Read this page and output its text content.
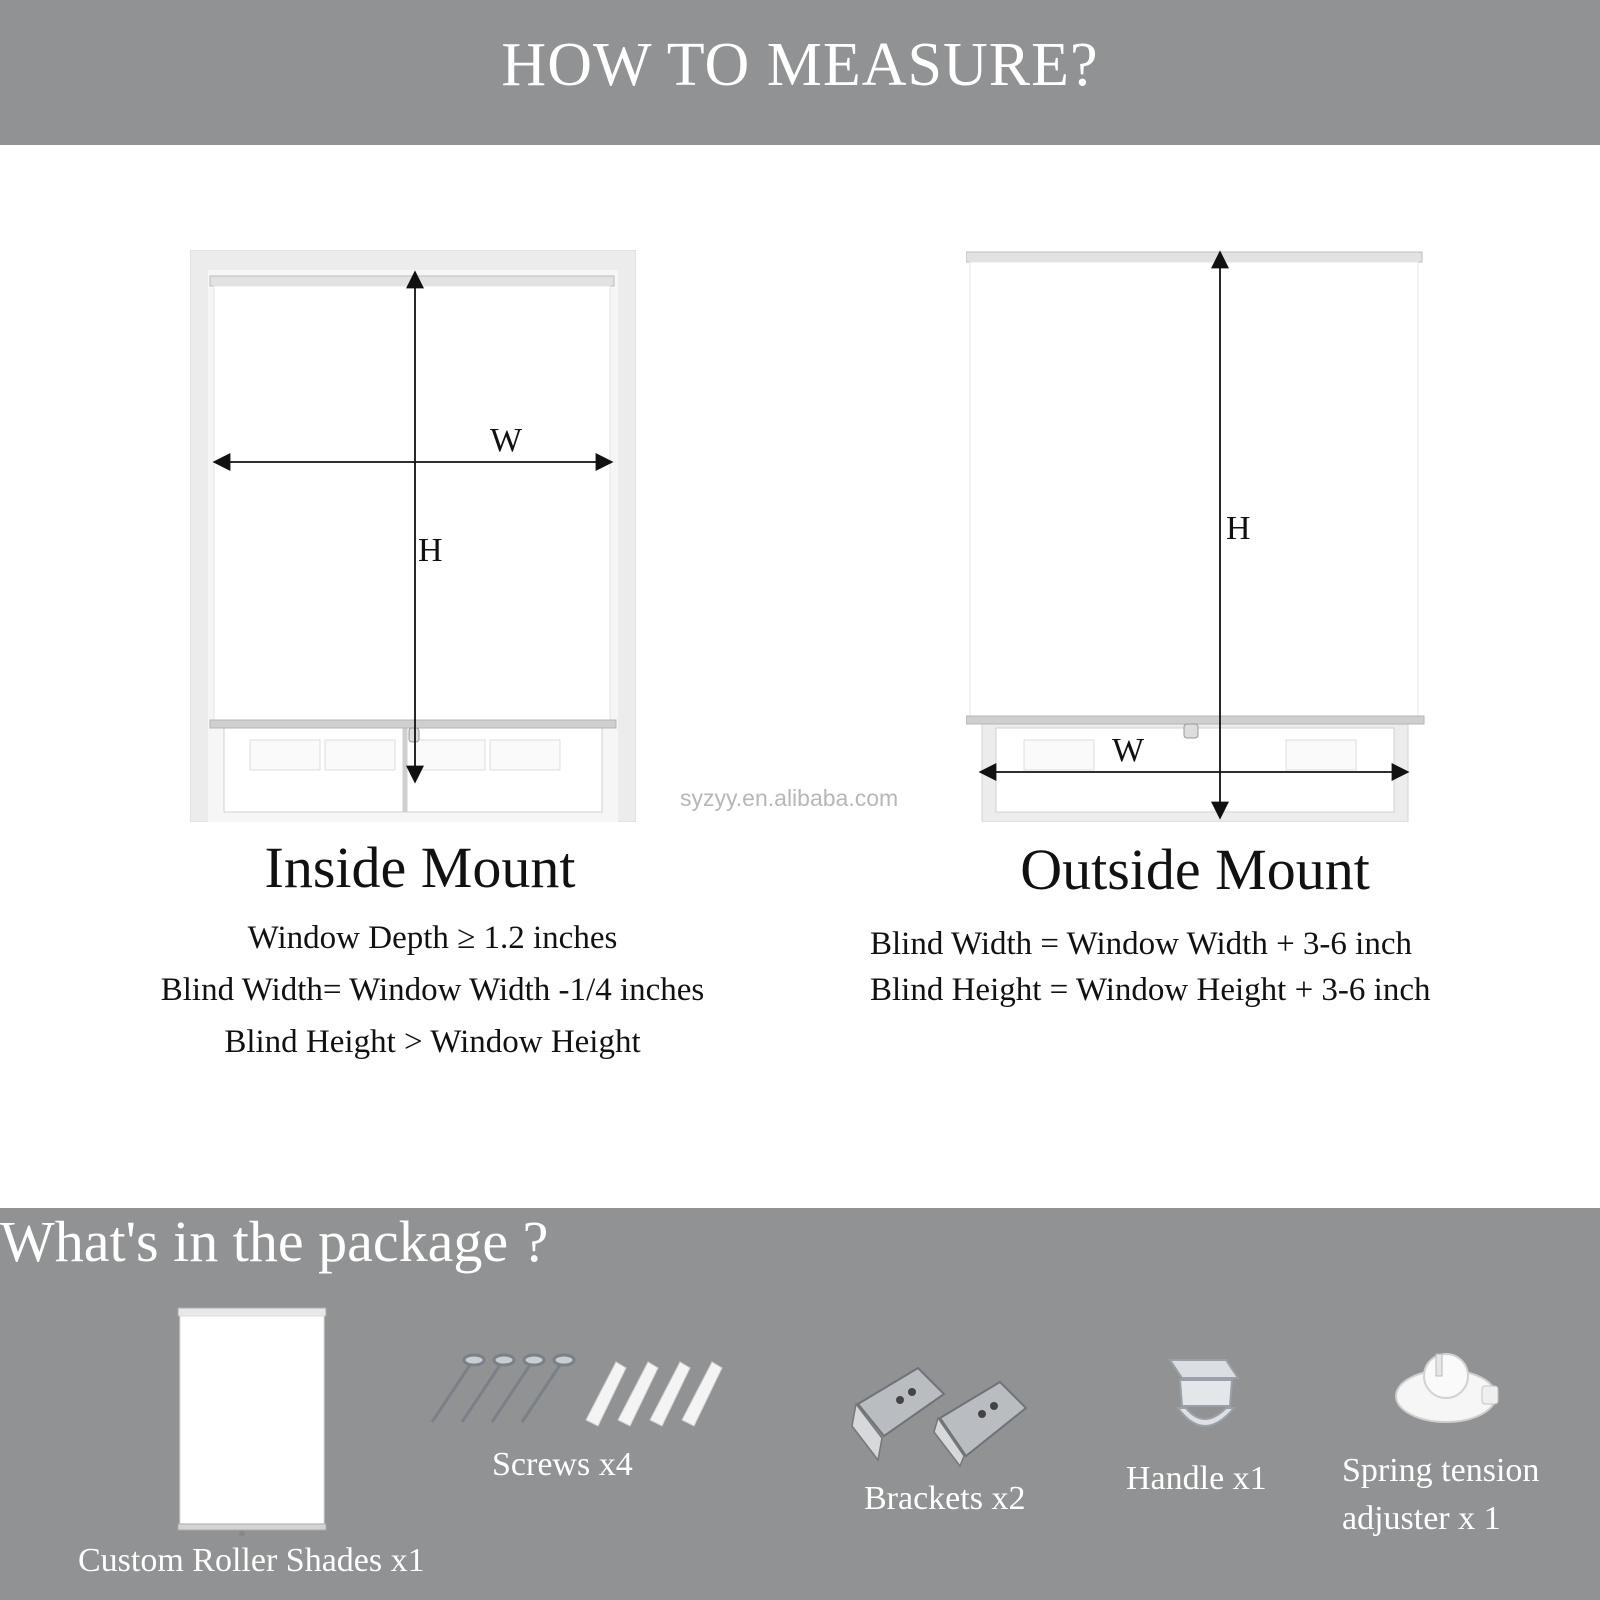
HOW TO MEASURE?
W
H
H
W
syzyy.en.alibaba.com
Inside Mount
Window Depth ≥ 1.2 inches
Blind Width= Window Width -1/4 inches
Blind Height > Window Height
Outside Mount
Blind Width = Window Width + 3-6 inch
Blind Height = Window Height + 3-6 inch
What's in the package ?
Custom Roller Shades x1
Screws x4
Brackets x2
Handle x1 Spring tension
adjuster x 1
